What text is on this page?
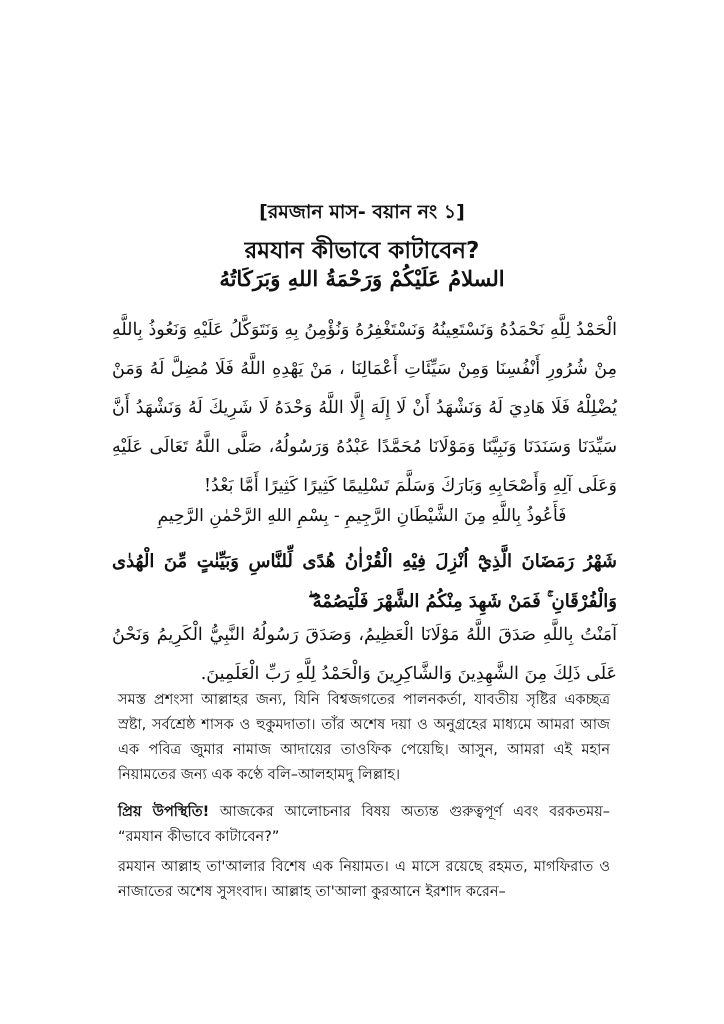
[রমজান মাস- বয়ান নং ১]
রমযান কীভাবে কাটাবেন?
السلامُ عَلَيْكُمْ وَرَحْمَةُ اللهِ وَبَرَكَاتُهُ
الْحَمْدُ لِلَّهِ نَحْمَدُهُ وَنَسْتَعِينُهُ وَنَسْتَغْفِرُهُ وَنُؤْمِنُ بِهِ وَنَتَوَكَّلُ عَلَيْهِ وَنَعُوذُ بِاللَّهِ مِنْ شُرُورِ أَنْفُسِنَا وَمِنْ سَيِّئَاتِ أَعْمَالِنَا ، مَنْ يَهْدِهِ اللَّهُ فَلَا مُضِلَّ لَهُ وَمَنْ يُضْلِلْهُ فَلَا هَادِيَ لَهُ وَنَشْهَدُ أَنْ لَا إِلَهَ إِلَّا اللَّهُ وَحْدَهُ لَا شَرِيكَ لَهُ وَنَشْهَدُ أَنَّ سَيِّدَنَا وَسَنَدَنَا وَنَبِيَّنَا وَمَوْلَانَا مُحَمَّدًا عَبْدُهُ وَرَسُولُهُ، صَلَّى اللَّهُ تَعَالَى عَلَيْهِ وَعَلَى آلِهِ وَأَصْحَابِهِ وَبَارَكَ وَسَلَّمَ تَسْلِيمًا كَثِيرًا كَثِيرًا أَمَّا بَعْدُ!
فَأَعُوذُ بِاللَّهِ مِنَ الشَّيْطَانِ الرَّجِيمِ - بِسْمِ اللهِ الرَّحْمٰنِ الرَّحِيمِ
شَهْرُ رَمَضَانَ الَّذِيْٓ اُنْزِلَ فِيْهِ الْقُرْاٰنُ هُدًى لِّلنَّاسِ وَبَيِّنٰتٍ مِّنَ الْهُدٰى وَالْفُرْقَانِ ۚ فَمَنْ شَهِدَ مِنْكُمُ الشَّهْرَ فَلْيَصُمْهُ ۖ
آمَنْتُ بِاللَّهِ صَدَقَ اللَّهُ مَوْلَانَا الْعَظِيمُ، وَصَدَقَ رَسُولُهُ النَّبِيُّ الْكَرِيمُ وَنَحْنُ عَلَى ذَلِكَ مِنَ الشَّهِدِينَ وَالشَّاكِرِينَ وَالْحَمْدُ لِلَّهِ رَبِّ الْعَلَمِينَ.
সমস্ত প্রশংসা আল্লাহর জন্য, যিনি বিশ্বজগতের পালনকর্তা, যাবতীয় সৃষ্টির একচ্ছত্র স্রষ্টা, সর্বশ্রেষ্ঠ শাসক ও হুকুমদাতা। তাঁর অশেষ দয়া ও অনুগ্রহের মাধ্যমে আমরা আজ এক পবিত্র জুমার নামাজ আদায়ের তাওফিক পেয়েছি। আসুন, আমরা এই মহান নিয়ামতের জন্য এক কণ্ঠে বলি–আলহামদু লিল্লাহ।
প্রিয় উপস্থিতি! আজকের আলোচনার বিষয় অত্যন্ত গুরুত্বপূর্ণ এবং বরকতময়– “রমযান কীভাবে কাটাবেন?”
রমযান আল্লাহ তা'আলার বিশেষ এক নিয়ামত। এ মাসে রয়েছে রহমত, মাগফিরাত ও নাজাতের অশেষ সুসংবাদ। আল্লাহ তা'আলা কুরআনে ইরশাদ করেন–
